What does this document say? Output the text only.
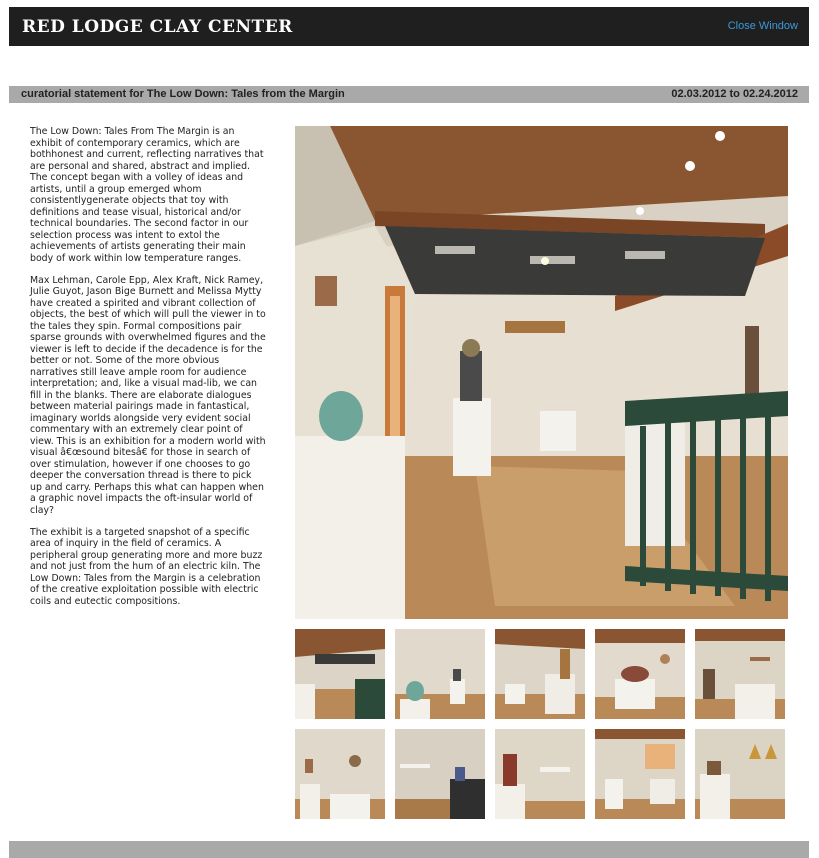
RED LODGE CLAY CENTER	Close Window
curatorial statement for The Low Down: Tales from the Margin	02.03.2012 to 02.24.2012

The Low Down: Tales From The Margin is an exhibit of contemporary ceramics, which are bothhonest and current, reflecting narratives that are personal and shared, abstract and implied. The concept began with a volley of ideas and artists, until a group emerged whom consistentlygenerate objects that toy with definitions and tease visual, historical and/or technical boundaries. The second factor in our selection process was intent to extol the achievements of artists generating their main body of work within low temperature ranges.

Max Lehman, Carole Epp, Alex Kraft, Nick Ramey, Julie Guyot, Jason Bige Burnett and Melissa Mytty have created a spirited and vibrant collection of objects, the best of which will pull the viewer in to the tales they spin. Formal compositions pair sparse grounds with overwhelmed figures and the viewer is left to decide if the decadence is for the better or not. Some of the more obvious narratives still leave ample room for audience interpretation; and, like a visual mad-lib, we can fill in the blanks. There are elaborate dialogues between material pairings made in fantastical, imaginary worlds alongside very evident social commentary with an extremely clear point of view. This is an exhibition for a modern world with visual â€œsound bitesâ€ for those in search of over stimulation, however if one chooses to go deeper the conversation thread is there to pick up and carry. Perhaps this what can happen when a graphic novel impacts the oft-insular world of clay?

The exhibit is a targeted snapshot of a specific area of inquiry in the field of ceramics. A peripheral group generating more and more buzz and not just from the hum of an electric kiln. The Low Down: Tales from the Margin is a celebration of the creative exploitation possible with electric coils and eutectic compositions.
